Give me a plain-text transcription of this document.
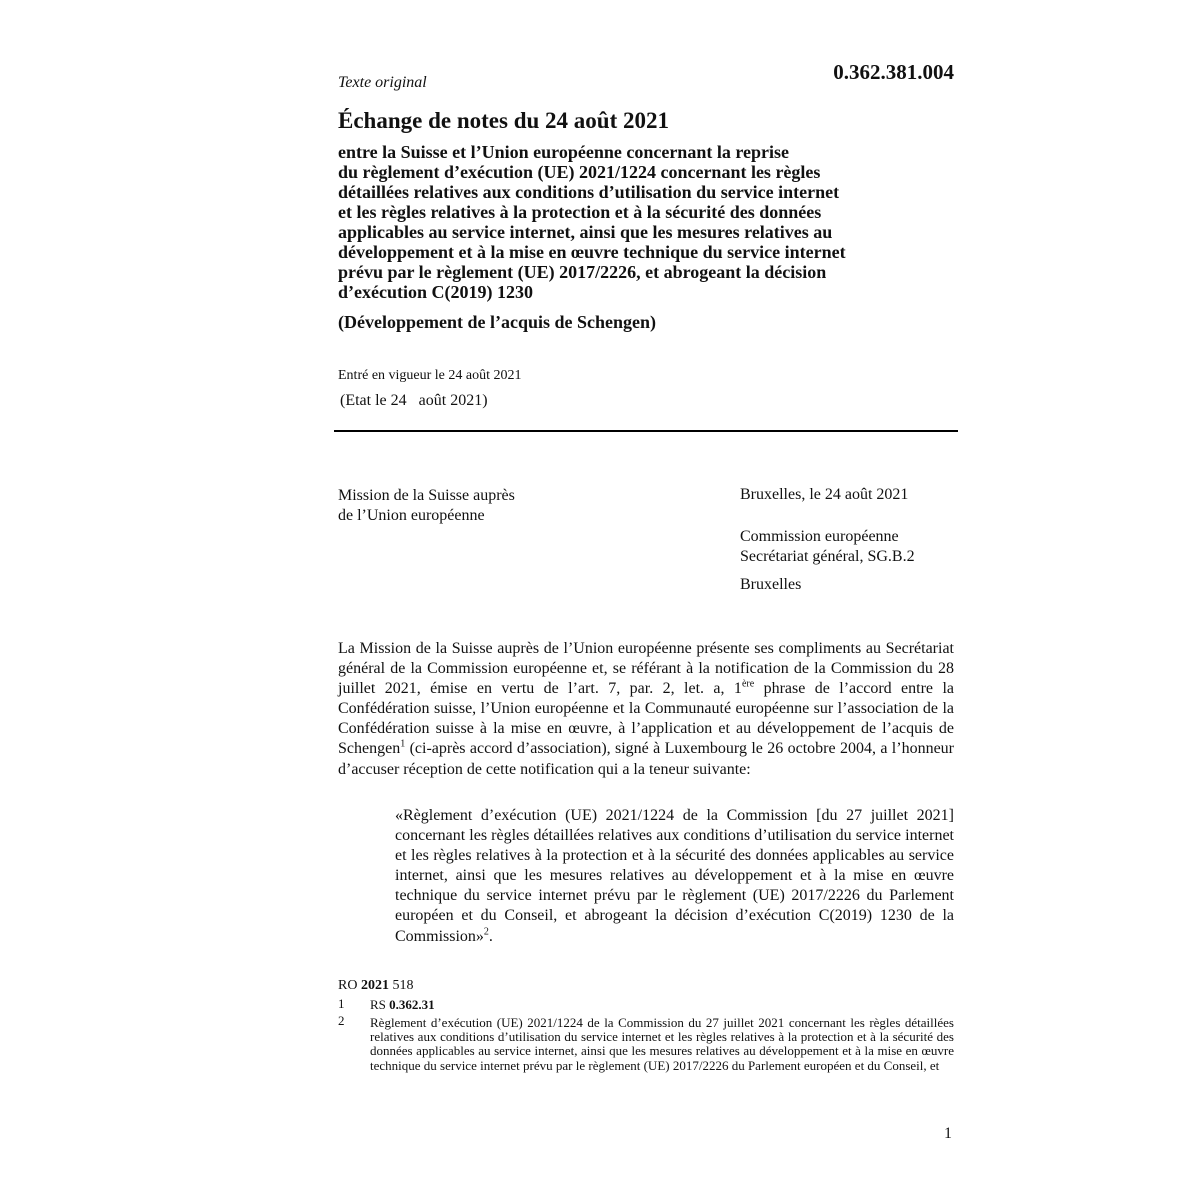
Texte original	0.362.381.004
Échange de notes du 24 août 2021
entre la Suisse et l’Union européenne concernant la reprise
du règlement d’exécution (UE) 2021/1224 concernant les règles
détaillées relatives aux conditions d’utilisation du service internet
et les règles relatives à la protection et à la sécurité des données
applicables au service internet, ainsi que les mesures relatives au
développement et à la mise en œuvre technique du service internet
prévu par le règlement (UE) 2017/2226, et abrogeant la décision
d’exécution C(2019) 1230
(Développement de l’acquis de Schengen)
Entré en vigueur le 24 août 2021
(Etat le 24   août 2021)
Mission de la Suisse auprès
de l’Union européenne
Bruxelles, le 24 août 2021
Commission européenne
Secrétariat général, SG.B.2
Bruxelles
La Mission de la Suisse auprès de l’Union européenne présente ses compliments au Secrétariat général de la Commission européenne et, se référant à la notification de la Commission du 28 juillet 2021, émise en vertu de l’art. 7, par. 2, let. a, 1ère phrase de l’accord entre la Confédération suisse, l’Union européenne et la Communauté européenne sur l’association de la Confédération suisse à la mise en œuvre, à l’application et au développement de l’acquis de Schengen$^1$ (ci-après accord d’association), signé à Luxembourg le 26 octobre 2004, a l’honneur d’accuser réception de cette notification qui a la teneur suivante:
«Règlement d’exécution (UE) 2021/1224 de la Commission [du 27 juillet 2021] concernant les règles détaillées relatives aux conditions d’utilisation du service internet et les règles relatives à la protection et à la sécurité des données applicables au service internet, ainsi que les mesures relatives au développement et à la mise en œuvre technique du service internet prévu par le règlement (UE) 2017/2226 du Parlement européen et du Conseil, et abrogeant la décision d’exécution C(2019) 1230 de la Commission»$^2$.
RO 2021 518
1 RS 0.362.31
2 Règlement d’exécution (UE) 2021/1224 de la Commission du 27 juillet 2021 concernant les règles détaillées relatives aux conditions d’utilisation du service internet et les règles relatives à la protection et à la sécurité des données applicables au service internet, ainsi que les mesures relatives au développement et à la mise en œuvre technique du service internet prévu par le règlement (UE) 2017/2226 du Parlement européen et du Conseil, et
1
